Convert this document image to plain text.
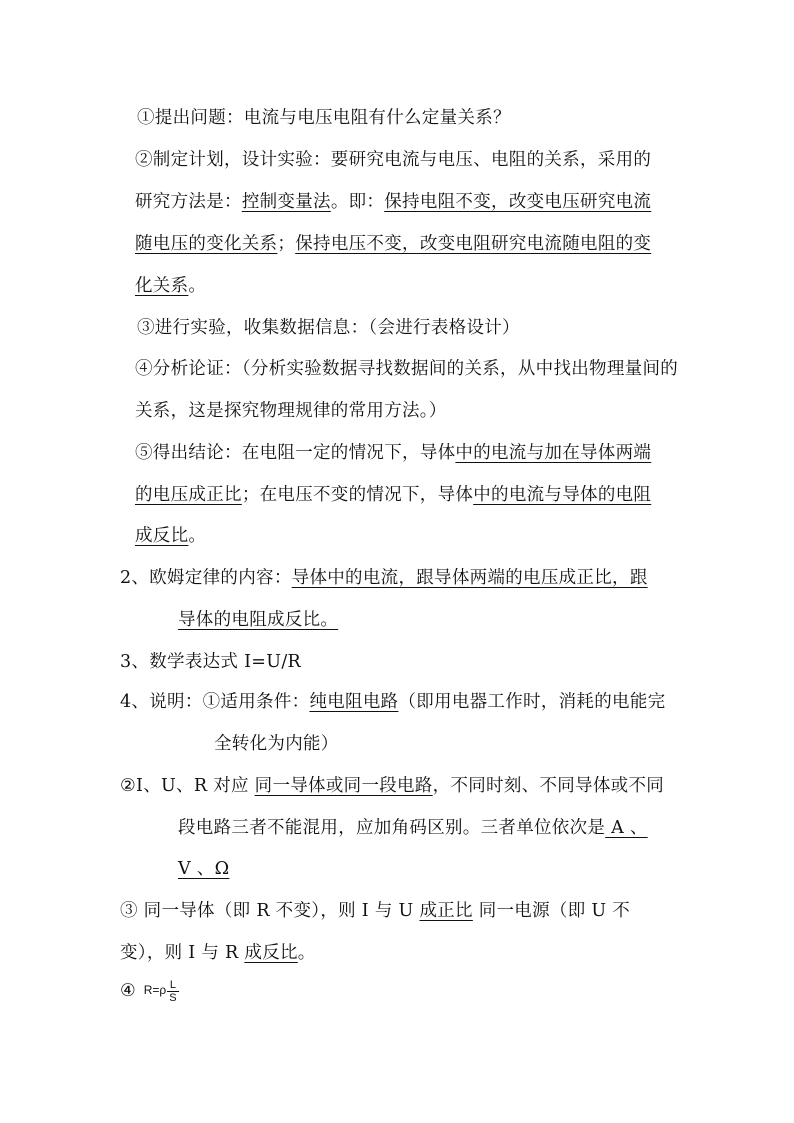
①提出问题：电流与电压电阻有什么定量关系？
②制定计划，设计实验：要研究电流与电压、电阻的关系，采用的
研究方法是：控制变量法。即：保持电阻不变，改变电压研究电流
随电压的变化关系；保持电压不变，改变电阻研究电流随电阻的变
化关系。
③进行实验，收集数据信息：（会进行表格设计）
④分析论证：（分析实验数据寻找数据间的关系，从中找出物理量间的
关系，这是探究物理规律的常用方法。）
⑤得出结论：在电阻一定的情况下，导体中的电流与加在导体两端
的电压成正比；在电压不变的情况下，导体中的电流与导体的电阻
成反比。
2、欧姆定律的内容：导体中的电流，跟导体两端的电压成正比，跟
导体的电阻成反比。
3、数学表达式 I=U/R
4、说明：①适用条件：纯电阻电路（即用电器工作时，消耗的电能完
全转化为内能）
②I、U、R 对应 同一导体或同一段电路，不同时刻、不同导体或不同
段电路三者不能混用，应加角码区别。三者单位依次是 A 、
V 、Ω
③ 同一导体（即 R 不变），则 I 与 U 成正比 同一电源（即 U 不
变），则 I 与 R 成反比。
④ $R=\rho \frac{L}{S}$
